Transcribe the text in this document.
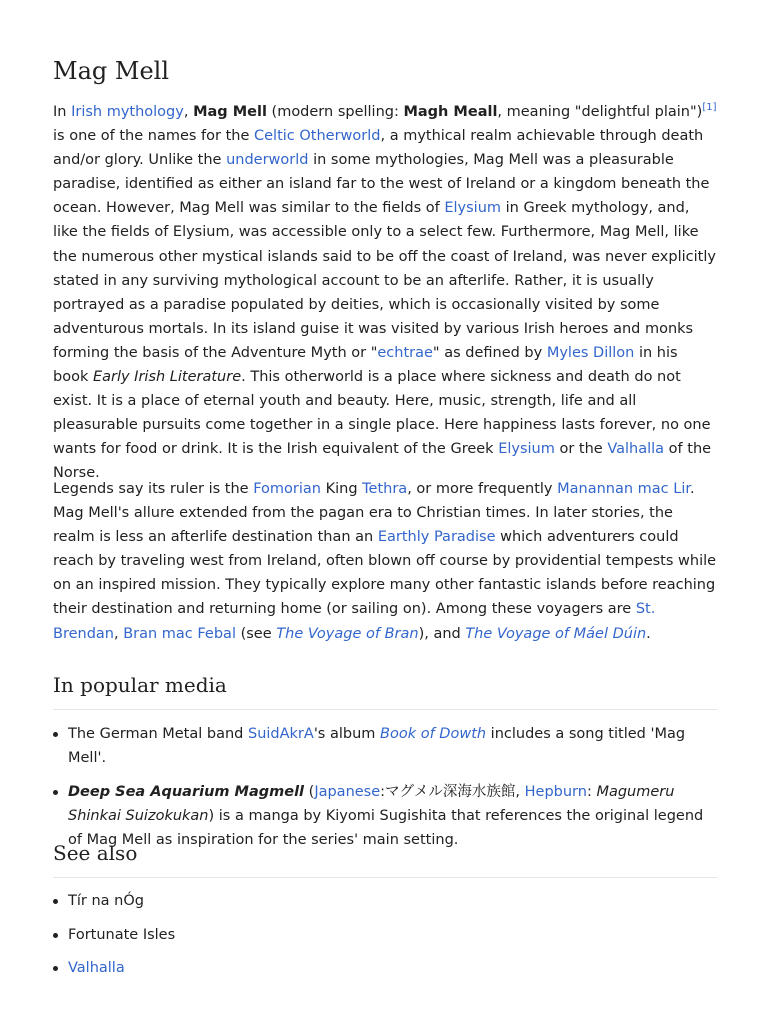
Mag Mell

In Irish mythology, Mag Mell (modern spelling: Magh Meall, meaning "delightful plain")[1] is one of the names for the Celtic Otherworld, a mythical realm achievable through death and/or glory. Unlike the underworld in some mythologies, Mag Mell was a pleasurable paradise, identified as either an island far to the west of Ireland or a kingdom beneath the ocean. However, Mag Mell was similar to the fields of Elysium in Greek mythology, and, like the fields of Elysium, was accessible only to a select few. Furthermore, Mag Mell, like the numerous other mystical islands said to be off the coast of Ireland, was never explicitly stated in any surviving mythological account to be an afterlife. Rather, it is usually portrayed as a paradise populated by deities, which is occasionally visited by some adventurous mortals. In its island guise it was visited by various Irish heroes and monks forming the basis of the Adventure Myth or "echtrae" as defined by Myles Dillon in his book Early Irish Literature. This otherworld is a place where sickness and death do not exist. It is a place of eternal youth and beauty. Here, music, strength, life and all pleasurable pursuits come together in a single place. Here happiness lasts forever, no one wants for food or drink. It is the Irish equivalent of the Greek Elysium or the Valhalla of the Norse.

Legends say its ruler is the Fomorian King Tethra, or more frequently Manannan mac Lir. Mag Mell's allure extended from the pagan era to Christian times. In later stories, the realm is less an afterlife destination than an Earthly Paradise which adventurers could reach by traveling west from Ireland, often blown off course by providential tempests while on an inspired mission. They typically explore many other fantastic islands before reaching their destination and returning home (or sailing on). Among these voyagers are St. Brendan, Bran mac Febal (see The Voyage of Bran), and The Voyage of Máel Dúin.

In popular media
The German Metal band SuidAkrA's album Book of Dowth includes a song titled 'Mag Mell'.
Deep Sea Aquarium Magmell (Japanese:マグメル深海水族館, Hepburn: Magumeru Shinkai Suizokukan) is a manga by Kiyomi Sugishita that references the original legend of Mag Mell as inspiration for the series' main setting.
See also
Tír na nÓg
Fortunate Isles
Valhalla
